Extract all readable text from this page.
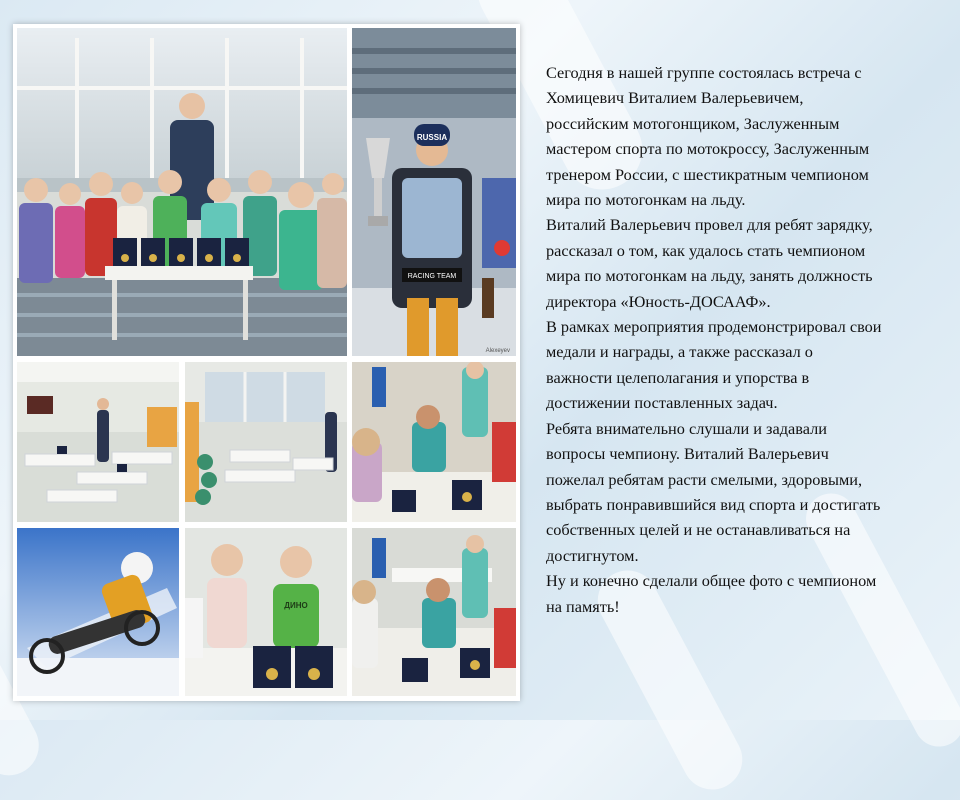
RACING TEAM
RUSSIA
Alexeyev
ДИНО
Сегодня в нашей группе состоялась встреча с
Хомицевич Виталием Валерьевичем,
российским мотогонщиком, Заслуженным
мастером спорта по мотокроссу, Заслуженным
тренером России, с шестикратным чемпионом
мира по мотогонкам на льду.
Виталий Валерьевич провел для ребят зарядку,
рассказал о том, как удалось стать чемпионом
мира по мотогонкам на льду, занять должность
директора «Юность-ДОСААФ».
В рамках мероприятия продемонстрировал свои
медали и награды, а также рассказал о
важности целеполагания и упорства в
достижении поставленных задач.
Ребята внимательно слушали и задавали
вопросы чемпиону. Виталий Валерьевич
пожелал ребятам расти смелыми, здоровыми,
выбрать понравившийся вид спорта и достигать
собственных целей и не останавливаться на
достигнутом.
Ну и конечно сделали общее фото с чемпионом
на память!
